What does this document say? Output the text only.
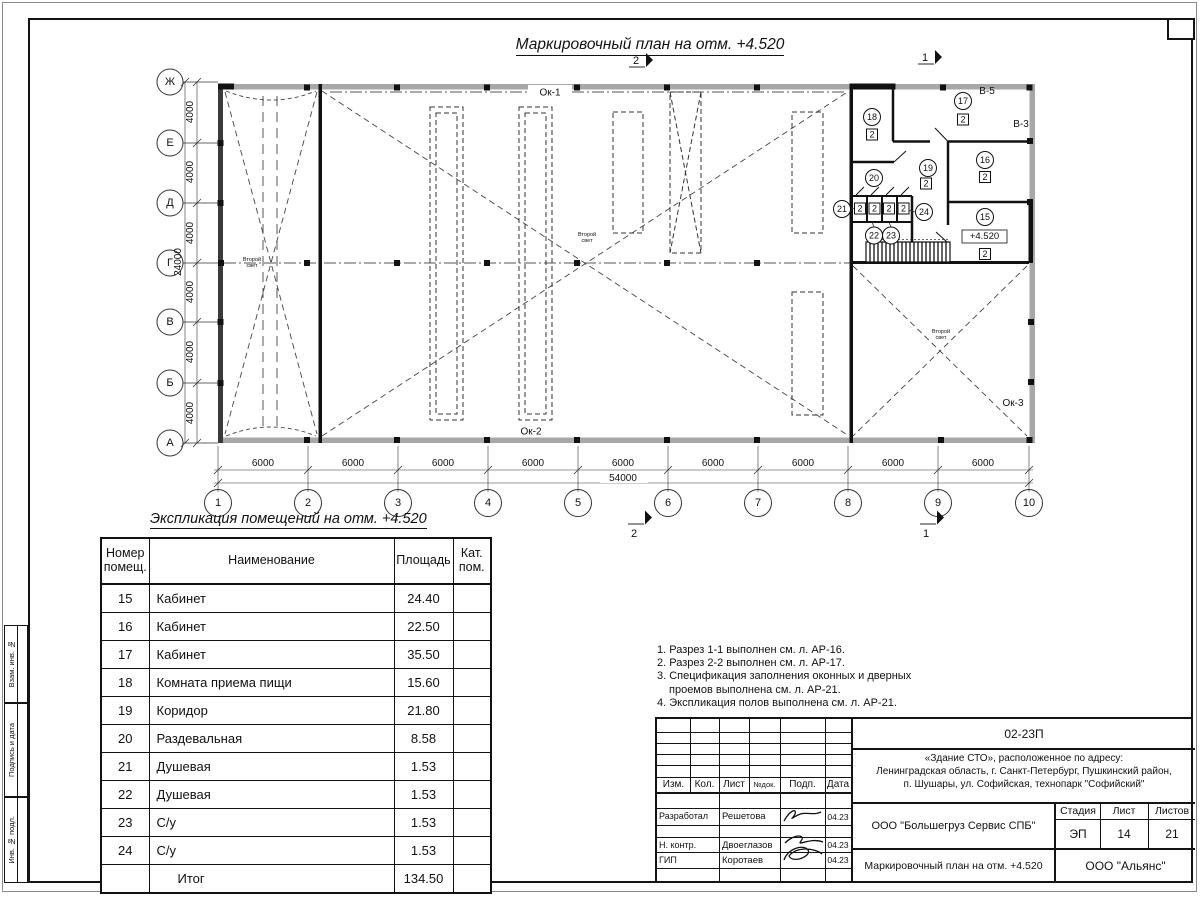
Взам. инв. №
Подпись и дата
Инв. № подл.
Маркировочный план на отм. +4.520
Ж
Е
Д
Г
В
Б
А
4000
4000
4000
4000
4000
4000
24000
6000	6000	6000	6000	6000	6000	6000	6000	6000
54000
1	2	3	4	5	6	7	8	9	10
2	1
2	1
Ок-1
Ок-2
Ок-3
В-5
В-3
Второй
свет
Второй
свет
Второй
свет
15
16
17
18
19
20
21
22 23
24
2
2
2
2
2
2 2 2 2
+4.520
Экспликация помещений на отм. +4.520
Номер помещ.	Наименование	Площадь	Кат. пом.
15	Кабинет	24.40	
16	Кабинет	22.50	
17	Кабинет	35.50	
18	Комната приема пищи	15.60	
19	Коридор	21.80	
20	Раздевальная	8.58	
21	Душевая	1.53	
22	Душевая	1.53	
23	С/у	1.53	
24	С/у	1.53	
	Итог	134.50	
1. Разрез 1-1 выполнен см. л. АР-16.
2. Разрез 2-2 выполнен см. л. АР-17.
3. Спецификация заполнения оконных и дверных
проемов выполнена см. л. АР-21.
4. Экспликация полов выполнена см. л. АР-21.
Изм.	Кол. Лист	№док.	Подп.	Дата
Разработал	Решетова	04.23
Н. контр.	Двоеглазов	04.23
ГИП	Коротаев	04.23
02-23П
«Здание СТО», расположенное по адресу:
Ленинградская область, г. Санкт-Петербург, Пушкинский район,
п. Шушары, ул. Софийская, технопарк "Софийский"
ООО "Большегруз Сервис СПБ"
Стадия	Лист	Листов
ЭП	14	21
Маркировочный план на отм. +4.520	ООО "Альянс"
